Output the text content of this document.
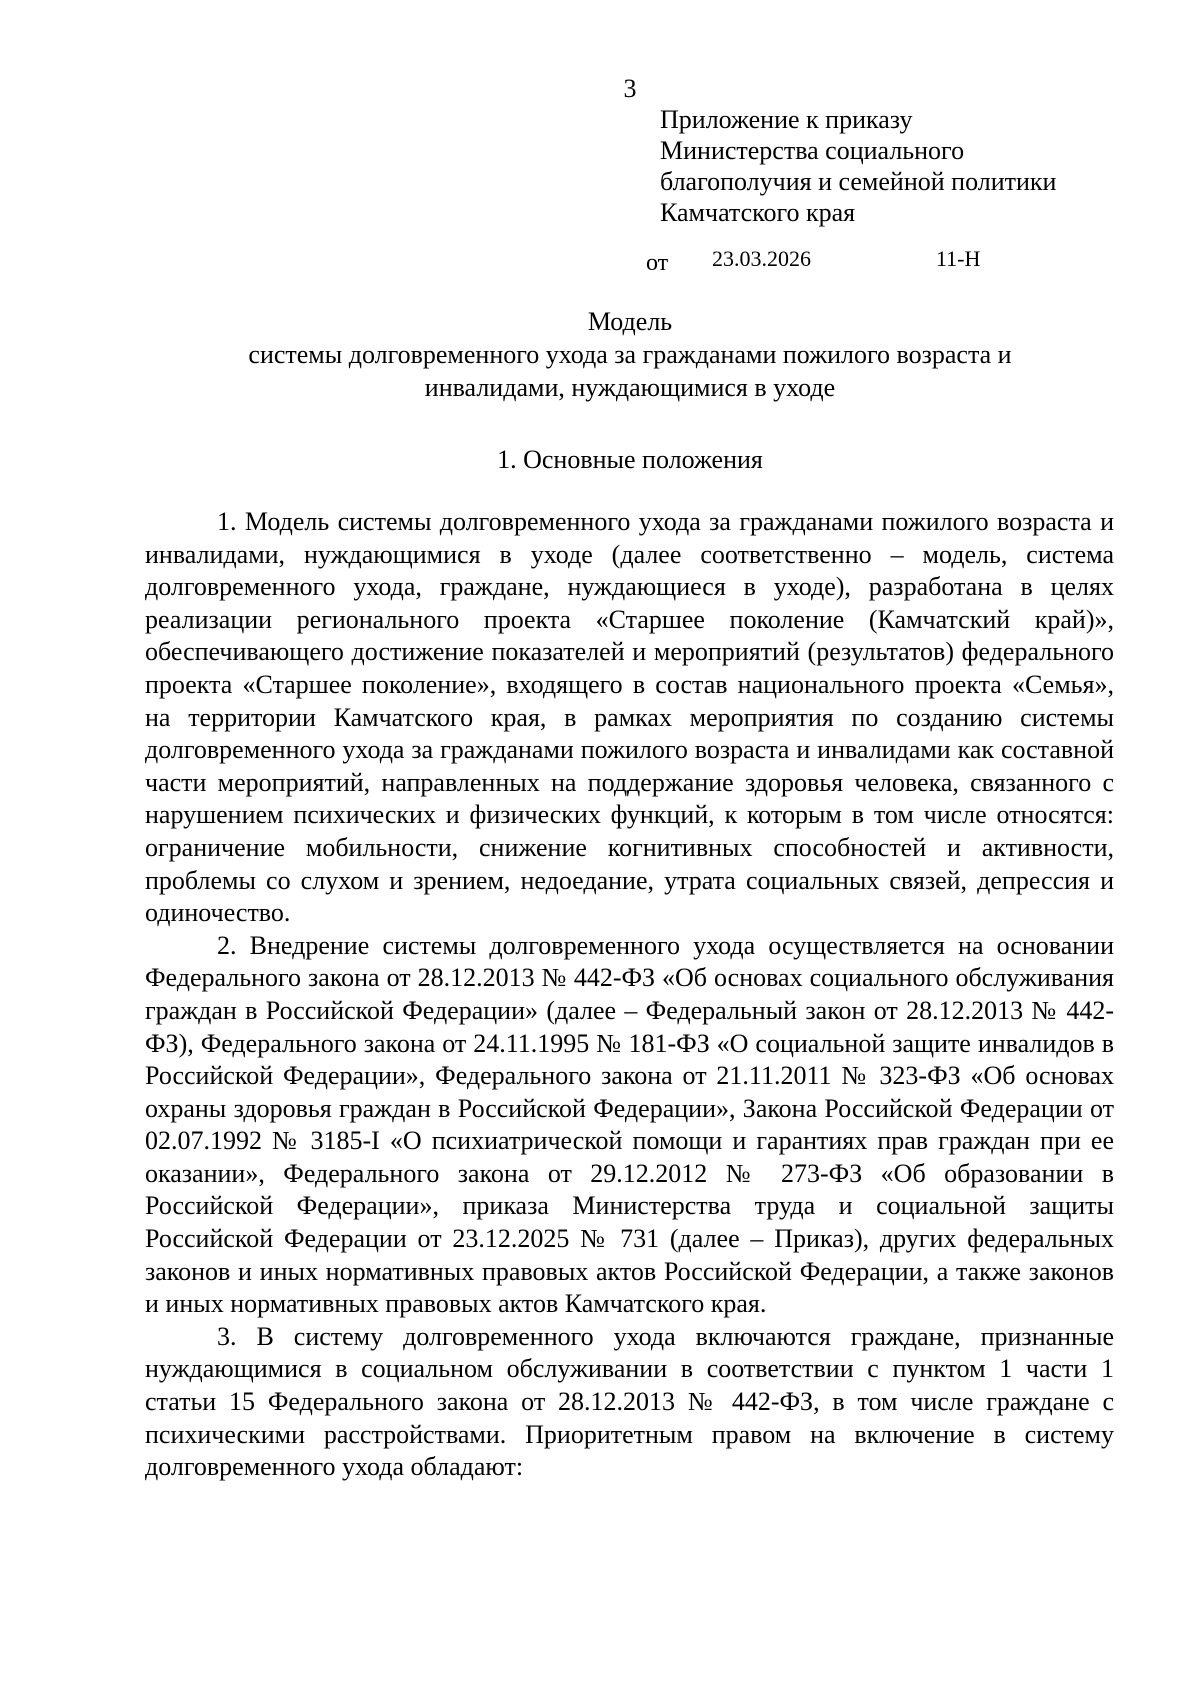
3
Приложение к приказу
Министерства социального
благополучия и семейной политики
Камчатского края
от 23.03.2026	11-Н
Модель
системы долговременного ухода за гражданами пожилого возраста и
инвалидами, нуждающимися в уходе
1. Основные положения

1. Модель системы долговременного ухода за гражданами пожилого возраста и инвалидами, нуждающимися в уходе (далее соответственно – модель, система долговременного ухода, граждане, нуждающиеся в уходе), разработана в целях реализации регионального проекта «Старшее поколение (Камчатский край)», обеспечивающего достижение показателей и мероприятий (результатов) федерального проекта «Старшее поколение», входящего в состав национального проекта «Семья», на территории Камчатского края, в рамках мероприятия по созданию системы долговременного ухода за гражданами пожилого возраста и инвалидами как составной части мероприятий, направленных на поддержание здоровья человека, связанного с нарушением психических и физических функций, к которым в том числе относятся: ограничение мобильности, снижение когнитивных способностей и активности, проблемы со слухом и зрением, недоедание, утрата социальных связей, депрессия и одиночество.

2. Внедрение системы долговременного ухода осуществляется на основании Федерального закона от 28.12.2013 № 442-ФЗ «Об основах социального обслуживания граждан в Российской Федерации» (далее – Федеральный закон от 28.12.2013 № 442-ФЗ), Федерального закона от 24.11.1995 № 181-ФЗ «О социальной защите инвалидов в Российской Федерации», Федерального закона от 21.11.2011 № 323-ФЗ «Об основах охраны здоровья граждан в Российской Федерации», Закона Российской Федерации от 02.07.1992 № 3185-I «О психиатрической помощи и гарантиях прав граждан при ее оказании», Федерального закона от 29.12.2012 № 273-ФЗ «Об образовании в Российской Федерации», приказа Министерства труда и социальной защиты Российской Федерации от 23.12.2025 № 731 (далее – Приказ), других федеральных законов и иных нормативных правовых актов Российской Федерации, а также законов и иных нормативных правовых актов Камчатского края.

3. В систему долговременного ухода включаются граждане, признанные нуждающимися в социальном обслуживании в соответствии с пунктом 1 части 1 статьи 15 Федерального закона от 28.12.2013 № 442-ФЗ, в том числе граждане с психическими расстройствами. Приоритетным правом на включение в систему долговременного ухода обладают:
